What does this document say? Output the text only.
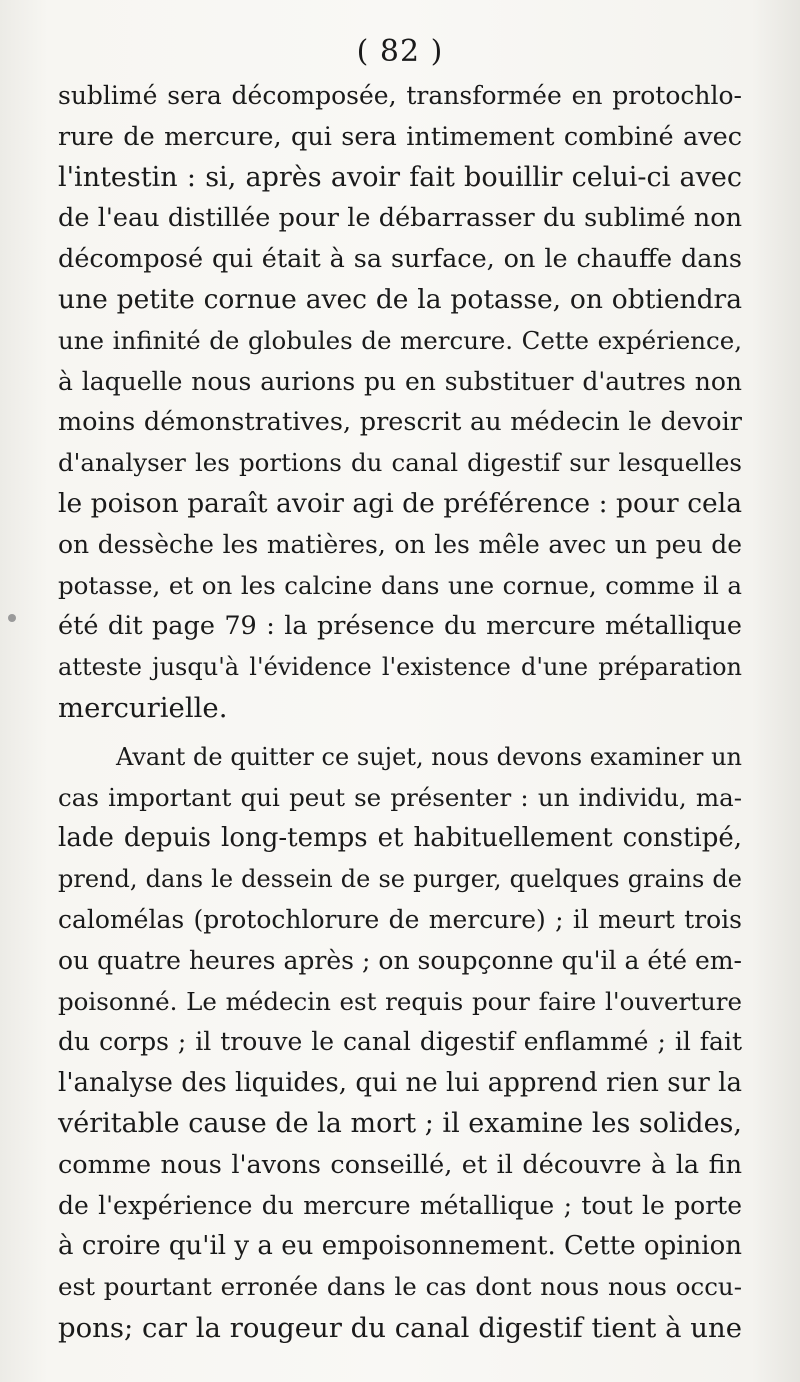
( 82 )
sublimé sera décomposée, transformée en protochlo-
rure de mercure, qui sera intimement combiné avec
l'intestin : si, après avoir fait bouillir celui-ci avec
de l'eau distillée pour le débarrasser du sublimé non
décomposé qui était à sa surface, on le chauffe dans
une petite cornue avec de la potasse, on obtiendra
une infinité de globules de mercure. Cette expérience,
à laquelle nous aurions pu en substituer d'autres non
moins démonstratives, prescrit au médecin le devoir
d'analyser les portions du canal digestif sur lesquelles
le poison paraît avoir agi de préférence : pour cela
on dessèche les matières, on les mêle avec un peu de
potasse, et on les calcine dans une cornue, comme il a
été dit page 79 : la présence du mercure métallique
atteste jusqu'à l'évidence l'existence d'une préparation
mercurielle.
Avant de quitter ce sujet, nous devons examiner un
cas important qui peut se présenter : un individu, ma-
lade depuis long-temps et habituellement constipé,
prend, dans le dessein de se purger, quelques grains de
calomélas (protochlorure de mercure) ; il meurt trois
ou quatre heures après ; on soupçonne qu'il a été em-
poisonné. Le médecin est requis pour faire l'ouverture
du corps ; il trouve le canal digestif enflammé ; il fait
l'analyse des liquides, qui ne lui apprend rien sur la
véritable cause de la mort ; il examine les solides,
comme nous l'avons conseillé, et il découvre à la fin
de l'expérience du mercure métallique ; tout le porte
à croire qu'il y a eu empoisonnement. Cette opinion
est pourtant erronée dans le cas dont nous nous occu-
pons; car la rougeur du canal digestif tient à une
